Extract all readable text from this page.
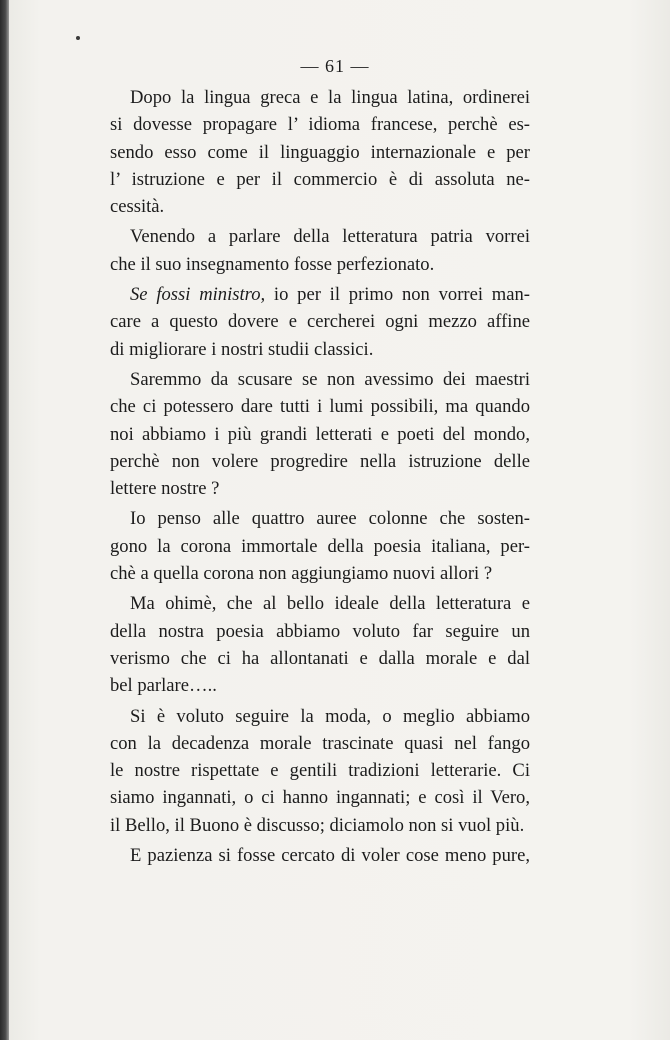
— 61 —
Dopo la lingua greca e la lingua latina, ordinerei
si dovesse propagare l’ idioma francese, perchè es-
sendo esso come il linguaggio internazionale e per
l’ istruzione e per il commercio è di assoluta ne-
cessità.
Venendo a parlare della letteratura patria vorrei
che il suo insegnamento fosse perfezionato.
Se fossi ministro, io per il primo non vorrei man-
care a questo dovere e cercherei ogni mezzo affine
di migliorare i nostri studii classici.
Saremmo da scusare se non avessimo dei maestri
che ci potessero dare tutti i lumi possibili, ma quando
noi abbiamo i più grandi letterati e poeti del mondo,
perchè non volere progredire nella istruzione delle
lettere nostre ?
Io penso alle quattro auree colonne che sosten-
gono la corona immortale della poesia italiana, per-
chè a quella corona non aggiungiamo nuovi allori ?
Ma ohimè, che al bello ideale della letteratura e
della nostra poesia abbiamo voluto far seguire un
verismo che ci ha allontanati e dalla morale e dal
bel parlare…..
Si è voluto seguire la moda, o meglio abbiamo
con la decadenza morale trascinate quasi nel fango
le nostre rispettate e gentili tradizioni letterarie. Ci
siamo ingannati, o ci hanno ingannati; e così il Vero,
il Bello, il Buono è discusso; diciamolo non si vuol più.
E pazienza si fosse cercato di voler cose meno pure,
